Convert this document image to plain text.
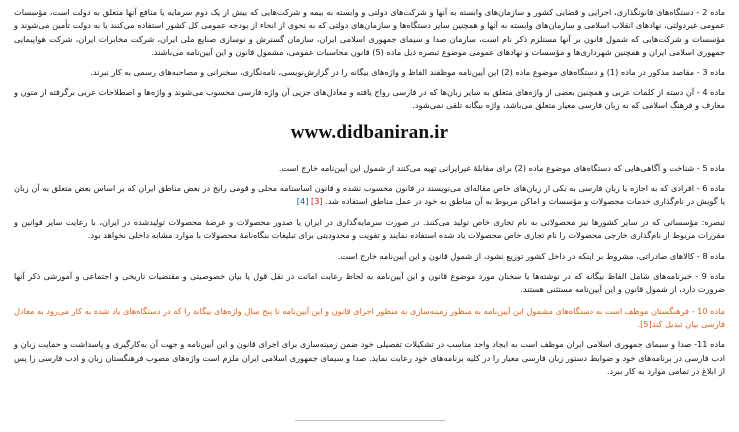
ماده 2 - دستگاه‌های قانونگذاری، اجرایی و قضایی کشور و سازمان‌های وابسته به آنها و شرکت‌های دولتی و وابسته به بیمه و شرکت‌هایی که بیش از یک دوم سرمایه یا منافع آنها متعلق به دولت است، مؤسسات عمومی غیردولتی، نهادهای انقلاب اسلامی و سازمان‌های وابسته به آنها و همچنین سایر دستگاه‌ها و سازمان‌های دولتی که به نحوی از انحاء از بودجه عمومی کل کشور استفاده می‌کنند یا به دولت تأمین می‌شوند و مؤسسات و شرکت‌هایی که شمول قانون بر آنها مستلزم ذکر نام است، سازمان صدا و سیمای جمهوری اسلامی ایران، سازمان گسترش و نوسازی صنایع ملی ایران، شرکت مخابرات ایران، شرکت هواپیمایی جمهوری اسلامی ایران و همچنین شهرداری‌ها و مؤسسات و نهادهای عمومی موضوع تبصره ذیل ماده (5) قانون محاسبات عمومی، مشمول قانون و این آیین‌نامه می‌باشند.

ماده 3 - مقاصد مذکور در ماده (1) و دستگاه‌های موضوع ماده (2) این آیین‌نامه موظفند الفاظ و واژه‌های بیگانه را در گزارش‌نویسی، نامه‌نگاری، سخنرانی و مصاحبه‌های رسمی به کار نبرند.

ماده 4 - آن دسته از کلمات عربی و همچنین بعضی از واژه‌های متعلق به سایر زبان‌ها که در فارسی رواج یافته و معادل‌های جزیی آن واژه فارسی محسوب می‌شوند و واژه‌ها و اصطلاحات عربی برگرفته از متون و معارف و فرهنگ اسلامی که به زبان فارسی معیار متعلق می‌باشد، واژه بیگانه تلقی نمی‌شود.

www.didbaniran.ir

ماده 5 - شناخت و آگاهی‌هایی که دستگاه‌های موضوع ماده (2) برای مقابلهٔ غیرایرانی تهیه می‌کنند از شمول این آیین‌نامه خارج است.

ماده 6 - افرادی که به اجازه یا زبان فارسی به یکی از زبان‌های خاص مقاله‌ای می‌نویسند در قانون محسوب نشده و قانون اساسنامه محلی و قومی رایج در بعض مناطق ایران که بر اساس بعض متعلق به آن زبان یا گویش در نام‌گذاری خدمات محصولات و مؤسسات و اماکن مربوط به آن مناطق به خود در عمل مناطق استفاده شد. [3] [4]

تبصره: مؤسساتی که در سایر کشورها نیز محصولاتی به نام تجاری خاص تولید می‌کنند. در صورت سرمایه‌گذاری در ایران یا صدور محصولات و عرضهٔ محصولات تولیدشده در ایران، با رعایت سایر قوانین و مقررات مربوط از نام‌گذاری خارجی محصولات را نام تجاری خاص محصولات یاد شده استفاده نمایند و تقویت و محدودیتی برای تبلیغات بنگاه‌نامهٔ محصولات با موارد مشابه داخلی نخواهد بود.

ماده 8 - کالاهای صادراتی، مشروط بر اینکه در داخل کشور توزیع نشود، از شمول قانون و این آیین‌نامه خارج است.

ماده 9 - خبرنامه‌های شامل الفاظ بیگانه که در نوشته‌ها یا سخنان مورد موضوع قانون و این آیین‌نامه به لحاظ رعایت امانت در نقل قول یا بیان خصوصیتی و مقتضیات تاریخی و اجتماعی و آموزشی ذکر آنها ضرورت دارد، از شمول قانون و این آیین‌نامه مستثنی هستند.

ماده 10 - فرهنگستان موظف است به دستگاه‌های مشمول این آیین‌نامه به منظور زمینه‌سازی به منظور اجرای قانون و این آیین‌نامه تا پنج سال واژه‌های بیگانه را که در دستگاه‌های یاد شده به کار می‌رود به معادل فارسی بیان تبدیل کند[5].

ماده 11- صدا و سیمای جمهوری اسلامی ایران موظف است به ایجاد واحد مناسب در تشکیلات تفصیلی خود ضمن زمینه‌سازی برای اجرای قانون و این آیین‌نامه و جهت آن به‌کارگیری و پاسداشت و حمایت زبان و ادب فارسی در برنامه‌های خود و ضوابط دستور زبان فارسی معیار را در کلیه برنامه‌های خود رعایت نماید. صدا و سیمای جمهوری اسلامی ایران ملزم است واژه‌های مصوب فرهنگستان زبان و ادب فارسی را پس از ابلاغ در تمامی موارد به کار ببرد.
